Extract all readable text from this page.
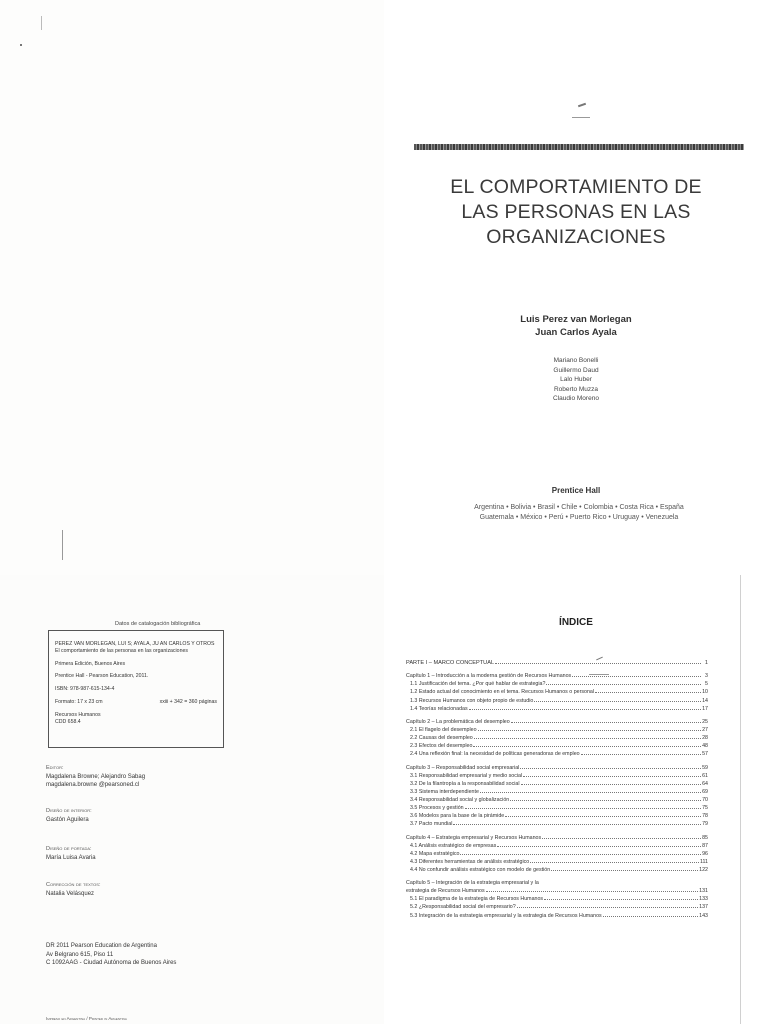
EL COMPORTAMIENTO DE
LAS PERSONAS EN LAS
ORGANIZACIONES
Luis Perez van Morlegan
Juan Carlos Ayala
Mariano Bonelli
Guillermo Daud
Lalo Huber
Roberto Muzza
Claudio Moreno
Prentice Hall
Argentina • Bolivia • Brasil • Chile • Colombia • Costa Rica • España
Guatemala • México • Perú • Puerto Rico • Uruguay • Venezuela
Datos de catalogación bibliográfica
PEREZ VAN MORLEGAN, LUI S; AYALA, JU AN CARLOS Y OTROS
El comportamiento de las personas en las organizaciones
Primera Edición, Buenos Aires
Prentice Hall - Pearson Education, 2011.
ISBN: 978-987-615-134-4
Formato: 17 x 23 cm	xxiii + 342 = 360 páginas
Recursos Humanos
CDD 658.4
Editor:
Magdalena Browne; Alejandro Sabag
magdalena.browne @pearsoned.cl
Diseño de interior:
Gastón Aguilera
Diseño de portada:
María Luisa Avaria
Corrección de textos:
Natalia Velásquez
DR 2011 Pearson Education de Argentina
Av Belgrano 615, Piso 11
C 1092AAG - Ciudad Autónoma de Buenos Aires
Impreso en Argentina / Printed in Argentina
ÍNDICE
PARTE I – MARCO CONCEPTUAL	1
Capítulo 1 – Introducción a la moderna gestión de Recursos Humanos	3
1.1 Justificación del tema. ¿Por qué hablar de estrategia?	5
1.2 Estado actual del conocimiento en el tema. Recursos Humanos o personal	10
1.3 Recursos Humanos con objeto propio de estudio	14
1.4 Teorías relacionadas	17
Capítulo 2 – La problemática del desempleo	25
2.1 El flagelo del desempleo	27
2.2 Causas del desempleo	28
2.3 Efectos del desempleo	48
2.4 Una reflexión final: la necesidad de políticas generadoras de empleo	57
Capítulo 3 – Responsabilidad social empresarial	59
3.1 Responsabilidad empresarial y medio social	61
3.2 De la filantropía a la responsabilidad social	64
3.3 Sistema interdependiente	69
3.4 Responsabilidad social y globalización	70
3.5 Procesos y gestión	75
3.6 Modelos para la base de la pirámide	78
3.7 Pacto mundial	79
Capítulo 4 – Estrategia empresarial y Recursos Humanos	85
4.1 Análisis estratégico de empresas	87
4.2 Mapa estratégico	96
4.3 Diferentes herramientas de análisis estratégico	111
4.4 No confundir análisis estratégico con modelo de gestión	122
Capítulo 5 – Integración de la estrategia empresarial y la
estrategia de Recursos Humanos	131
5.1 El paradigma de la estrategia de Recursos Humanos	133
5.2 ¿Responsabilidad social del empresario?	137
5.3 Integración de la estrategia empresarial y la estrategia de Recursos Humanos	143
